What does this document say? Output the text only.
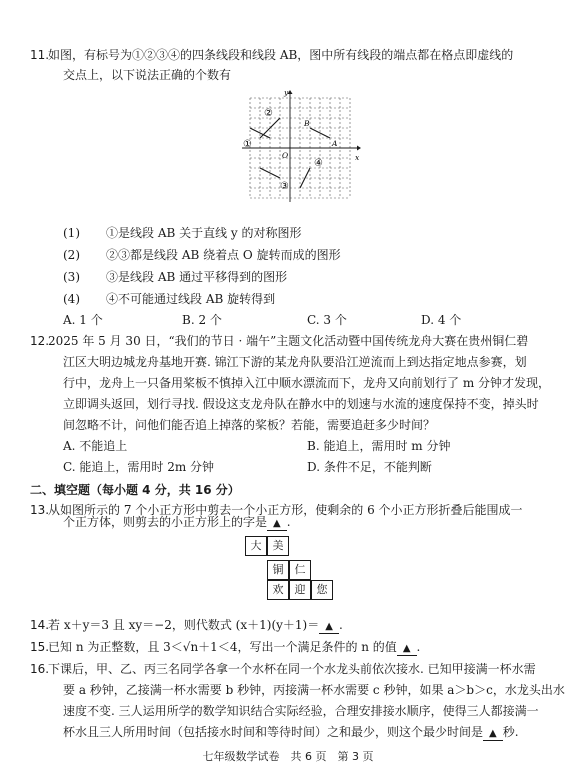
11.
如图，有标号为①②③④的四条线段和线段 AB，图中所有线段的端点都在格点即虚线的
交点上，以下说法正确的个数有
y
x
O
B
A
①
②
③
④
(1) ①是线段 AB 关于直线 y 的对称图形
(2) ②③都是线段 AB 绕着点 O 旋转而成的图形
(3) ③是线段 AB 通过平移得到的图形
(4) ④不可能通过线段 AB 旋转得到
A. 1 个	B. 2 个	C. 3 个	D. 4 个
12.
2025 年 5 月 30 日，“我们的节日 · 端午”主题文化活动暨中国传统龙舟大赛在贵州铜仁碧
江区大明边城龙舟基地开赛. 锦江下游的某龙舟队要沿江逆流而上到达指定地点参赛，划
行中，龙舟上一只备用桨板不慎掉入江中顺水漂流而下，龙舟又向前划行了 m 分钟才发现，
立即调头返回，划行寻找. 假设这支龙舟队在静水中的划速与水流的速度保持不变，掉头时
间忽略不计，问他们能否追上掉落的桨板？若能，需要追赶多少时间？
A. 不能追上	B. 能追上，需用时 m 分钟
C. 能追上，需用时 2m 分钟	D. 条件不足，不能判断
二、填空题（每小题 4 分，共 16 分）
13.
从如图所示的 7 个小正方形中剪去一个小正方形，使剩余的 6 个小正方形折叠后能围成一
个正方体，则剪去的小正方形上的字是 ▲ .
大	美
铜	仁
欢	迎	您
14.
若 x＋y＝3 且 xy＝−2，则代数式 (x＋1)(y＋1)＝ ▲ .
15.
已知 n 为正整数，且 3＜√n＋1＜4，写出一个满足条件的 n 的值 ▲ .
16.
下课后，甲、乙、丙三名同学各拿一个水杯在同一个水龙头前依次接水. 已知甲接满一杯水需
要 a 秒钟，乙接满一杯水需要 b 秒钟，丙接满一杯水需要 c 秒钟，如果 a＞b＞c，水龙头出水
速度不变. 三人运用所学的数学知识结合实际经验，合理安排接水顺序，使得三人都接满一
杯水且三人所用时间（包括接水时间和等待时间）之和最少，则这个最少时间是 ▲ 秒.
七年级数学试卷　共 6 页　第 3 页
